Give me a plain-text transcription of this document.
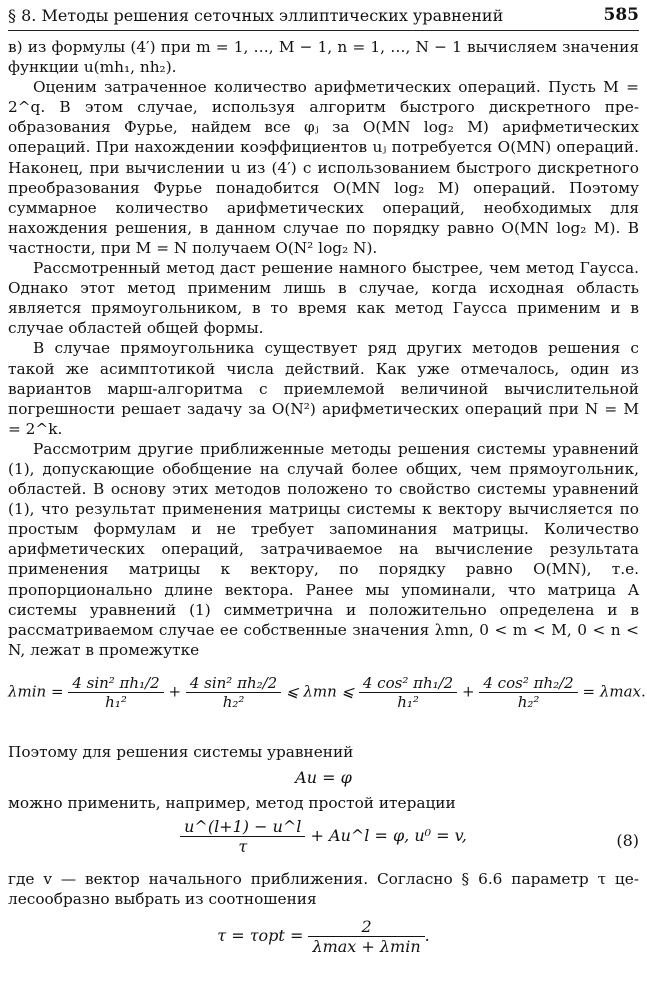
§ 8. Методы решения сеточных эллиптических уравнений	585

в) из формулы (4′) при m = 1, …, M − 1, n = 1, …, N − 1 вычисляем значения функции u(mh₁, nh₂).

Оценим затраченное количество арифметических операций. Пусть M = 2^q. В этом случае, используя алгоритм быстрого дискретного преобразования Фурье, найдем все φⱼ за O(MN log₂ M) арифметических операций. При нахождении коэффициентов uⱼ потребуется O(MN) операций. Наконец, при вычислении u из (4′) с использованием быстрого дискретного преобразования Фурье понадобится O(MN log₂ M) операций. Поэтому суммарное количество арифметических операций, необходимых для нахождения решения, в данном случае по порядку равно O(MN log₂ M). В частности, при M = N получаем O(N² log₂ N).

Рассмотренный метод даст решение намного быстрее, чем метод Гаусса. Однако этот метод применим лишь в случае, когда исходная область является прямоугольником, в то время как метод Гаусса применим и в случае областей общей формы.

В случае прямоугольника существует ряд других методов решения с такой же асимптотикой числа действий. Как уже отмечалось, один из вариантов марш-алгоритма с приемлемой величиной вычислительной погрешности решает задачу за O(N²) арифметических операций при N = M = 2^k.

Рассмотрим другие приближенные методы решения системы уравнений (1), допускающие обобщение на случай более общих, чем прямоугольник, областей. В основу этих методов положено то свойство системы уравнений (1), что результат применения матрицы системы к вектору вычисляется по простым формулам и не требует запоминания матрицы. Количество арифметических операций, затрачиваемое на вычисление результата применения матрицы к вектору, по порядку равно O(MN), т.е. пропорционально длине вектора. Ранее мы упоминали, что матрица A системы уравнений (1) симметрична и положительно определена и в рассматриваемом случае ее собственные значения λmn, 0 < m < M, 0 < n < N, лежат в промежутке

$\lambda\min = \frac{\text{4 sin² πh₁/2}}{\text{h₁²}} + \frac{\text{4 sin² πh₂/2}}{\text{h₂²}}$ ⩽ λmn ⩽ $\frac{\text{4 cos² πh₁/2}}{\text{h₁²}} + \frac{\text{4 cos² πh₂/2}}{\text{h₂²}} = \lambda\max$.

Поэтому для решения системы уравнений

Au = φ

можно применить, например, метод простой итерации

$\frac{u\^{}(l+1) - u\^{}l}{\tau}$ + Au^l = φ, u⁰ = v,	(8)

где v — вектор начального приближения. Согласно § 6.6 параметр τ целесообразно выбрать из соотношения

$\tau = \tau opt = \frac{2}{\lambda\max + \lambda\min}$ .
